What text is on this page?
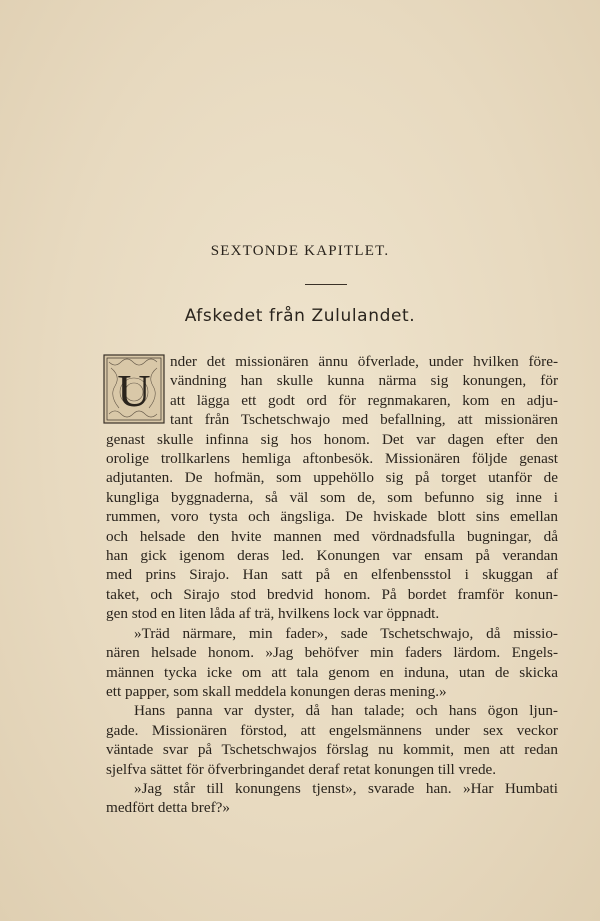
SEXTONDE KAPITLET.
Afskedet från Zululandet.
U
nder det missionären ännu öfverlade, under hvilken före-
vändning han skulle kunna närma sig konungen, för
att lägga ett godt ord för regnmakaren, kom en adju-
tant från Tschetschwajo med befallning, att missionären
genast skulle infinna sig hos honom. Det var dagen efter den
orolige trollkarlens hemliga aftonbesök. Missionären följde genast
adjutanten. De hofmän, som uppehöllo sig på torget utanför de
kungliga byggnaderna, så väl som de, som befunno sig inne i
rummen, voro tysta och ängsliga. De hviskade blott sins emellan
och helsade den hvite mannen med vördnadsfulla bugningar, då
han gick igenom deras led. Konungen var ensam på verandan
med prins Sirajo. Han satt på en elfenbensstol i skuggan af
taket, och Sirajo stod bredvid honom. På bordet framför konun-
gen stod en liten låda af trä, hvilkens lock var öppnadt.
»Träd närmare, min fader», sade Tschetschwajo, då missio-
nären helsade honom. »Jag behöfver min faders lärdom. Engels-
männen tycka icke om att tala genom en induna, utan de skicka
ett papper, som skall meddela konungen deras mening.»
Hans panna var dyster, då han talade; och hans ögon ljun-
gade. Missionären förstod, att engelsmännens under sex veckor
väntade svar på Tschetschwajos förslag nu kommit, men att redan
sjelfva sättet för öfverbringandet deraf retat konungen till vrede.
»Jag står till konungens tjenst», svarade han. »Har Humbati
medfört detta bref?»
